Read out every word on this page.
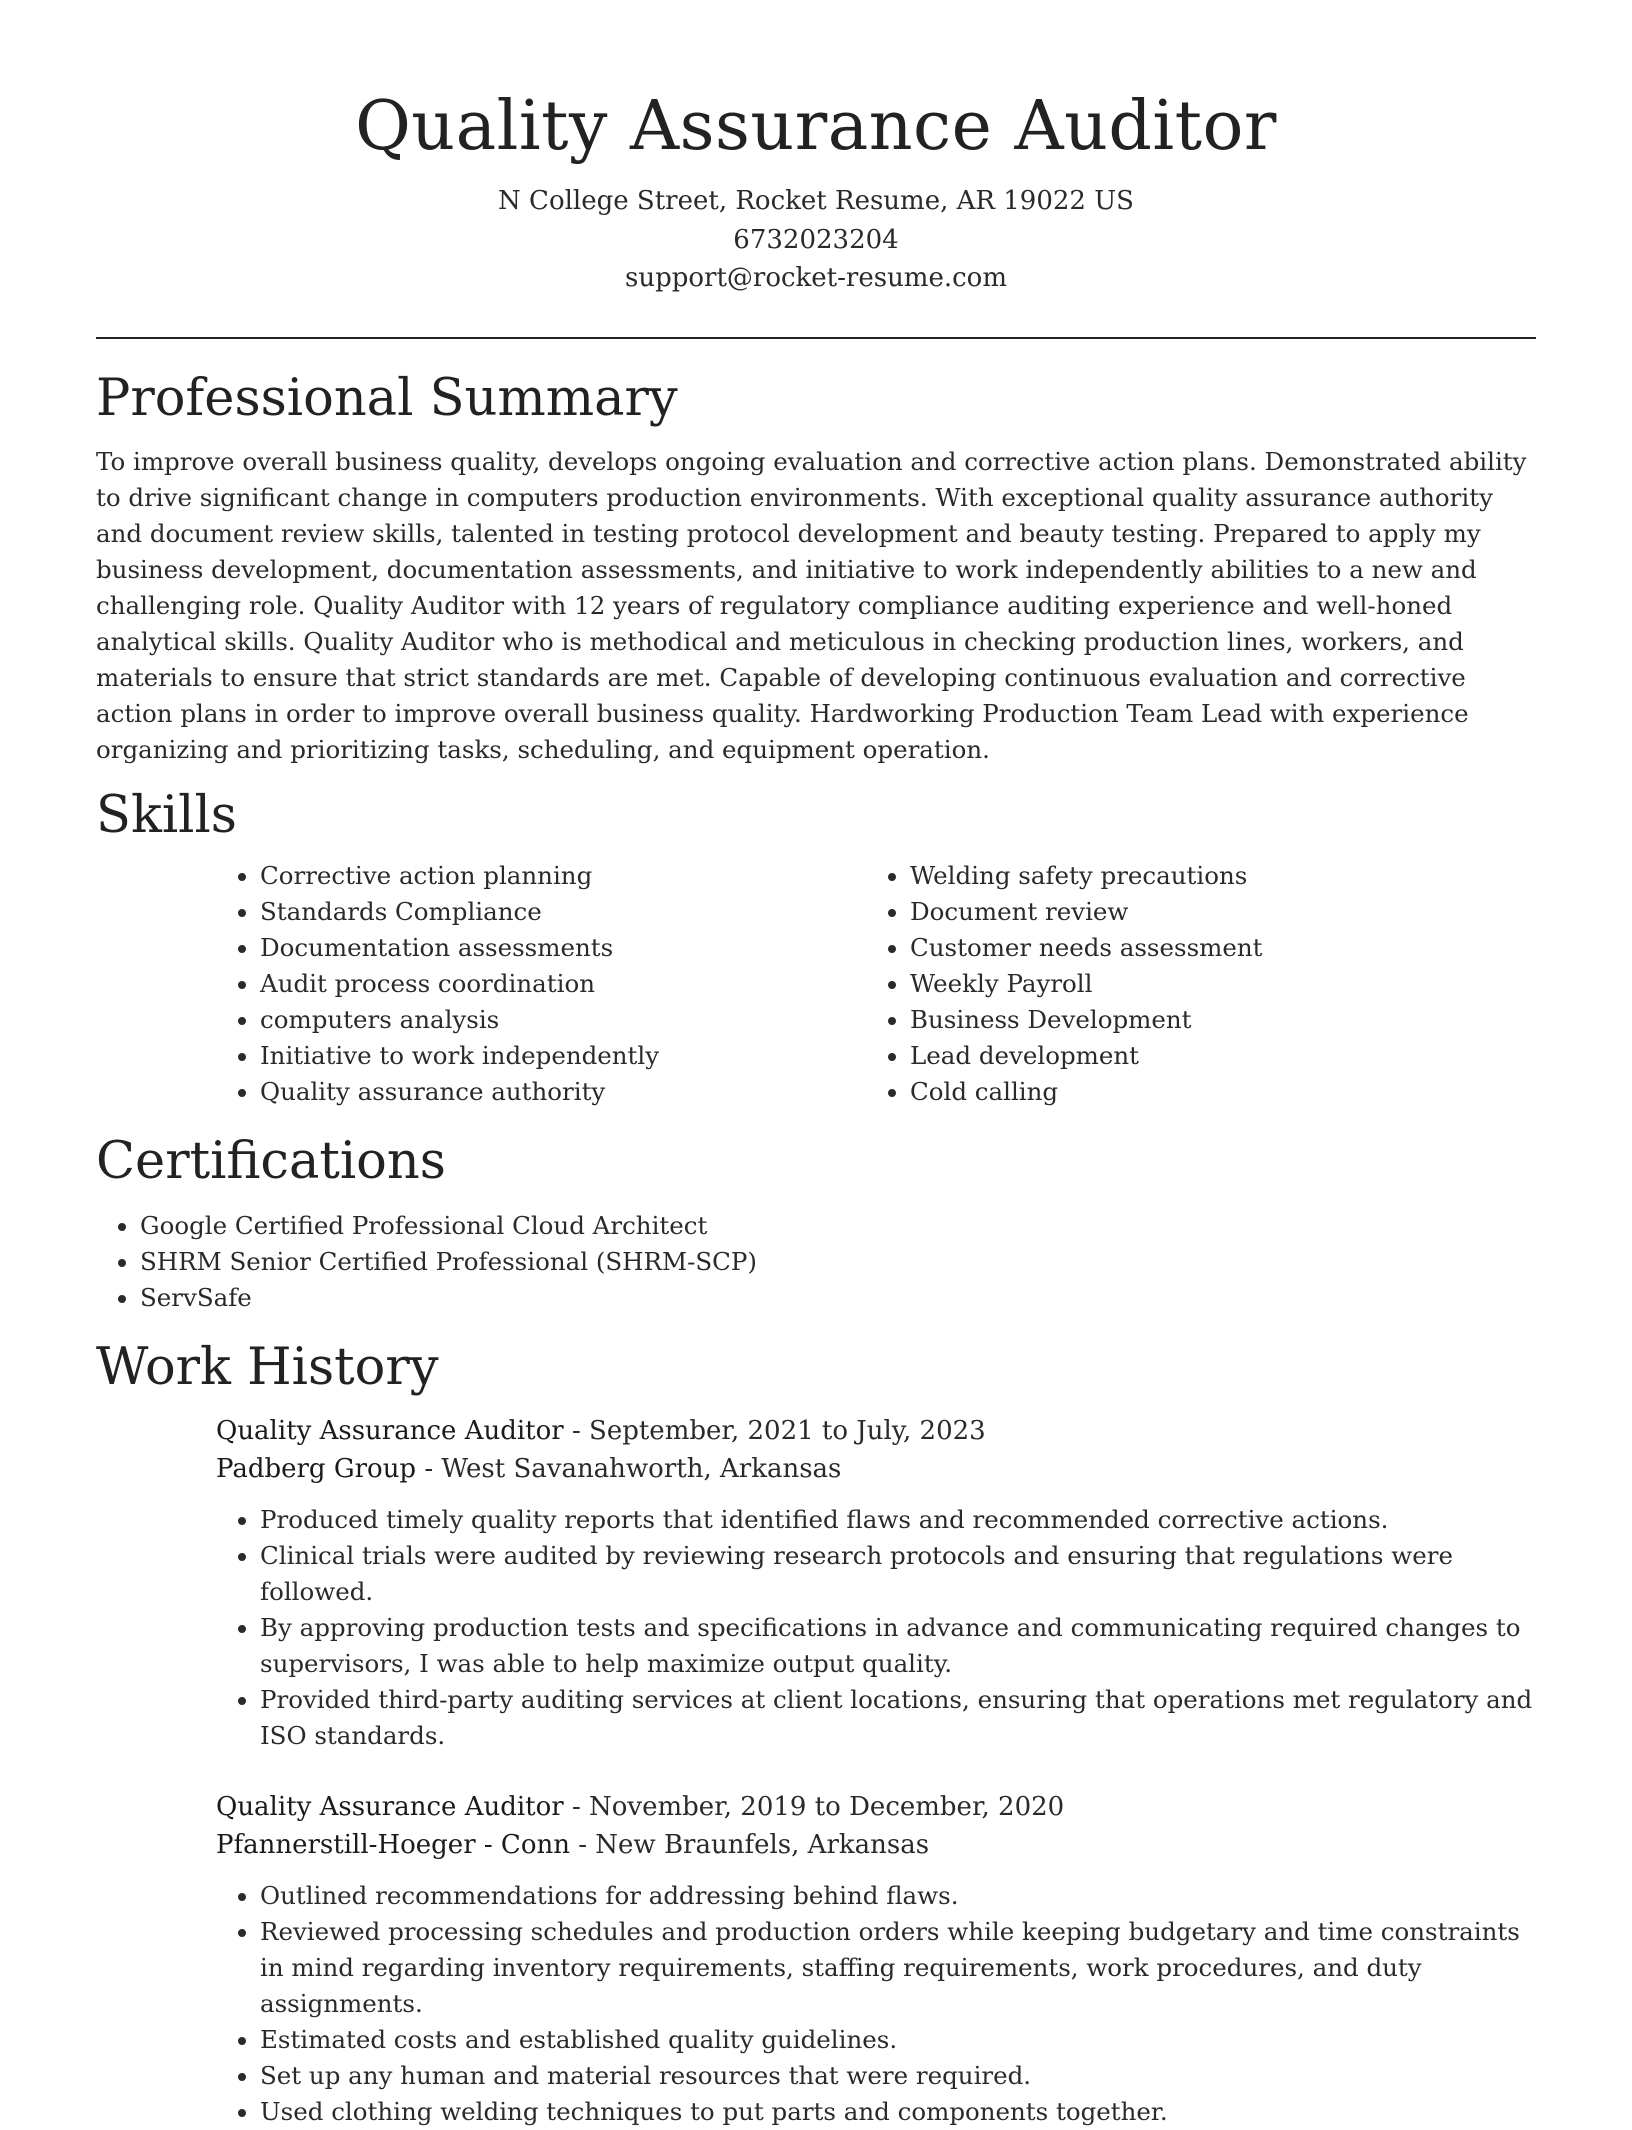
Quality Assurance Auditor
N College Street, Rocket Resume, AR 19022 US
6732023204
support@rocket-resume.com
Professional Summary

To improve overall business quality, develops ongoing evaluation and corrective action plans. Demonstrated ability to drive significant change in computers production environments. With exceptional quality assurance authority and document review skills, talented in testing protocol development and beauty testing. Prepared to apply my business development, documentation assessments, and initiative to work independently abilities to a new and challenging role. Quality Auditor with 12 years of regulatory compliance auditing experience and well-honed analytical skills. Quality Auditor who is methodical and meticulous in checking production lines, workers, and materials to ensure that strict standards are met. Capable of developing continuous evaluation and corrective action plans in order to improve overall business quality. Hardworking Production Team Lead with experience organizing and prioritizing tasks, scheduling, and equipment operation.

Skills
• Corrective action planning
• Standards Compliance
• Documentation assessments
• Audit process coordination
• computers analysis
• Initiative to work independently
• Quality assurance authority
• Welding safety precautions
• Document review
• Customer needs assessment
• Weekly Payroll
• Business Development
• Lead development
• Cold calling
Certifications
• Google Certified Professional Cloud Architect
• SHRM Senior Certified Professional (SHRM-SCP)
• ServSafe
Work History
Quality Assurance Auditor - September, 2021 to July, 2023
Padberg Group - West Savanahworth, Arkansas
• Produced timely quality reports that identified flaws and recommended corrective actions.
• Clinical trials were audited by reviewing research protocols and ensuring that regulations were followed.
• By approving production tests and specifications in advance and communicating required changes to supervisors, I was able to help maximize output quality.
• Provided third-party auditing services at client locations, ensuring that operations met regulatory and ISO standards.
Quality Assurance Auditor - November, 2019 to December, 2020
Pfannerstill-Hoeger - Conn - New Braunfels, Arkansas
• Outlined recommendations for addressing behind flaws.
• Reviewed processing schedules and production orders while keeping budgetary and time constraints in mind regarding inventory requirements, staffing requirements, work procedures, and duty assignments.
• Estimated costs and established quality guidelines.
• Set up any human and material resources that were required.
• Used clothing welding techniques to put parts and components together.
